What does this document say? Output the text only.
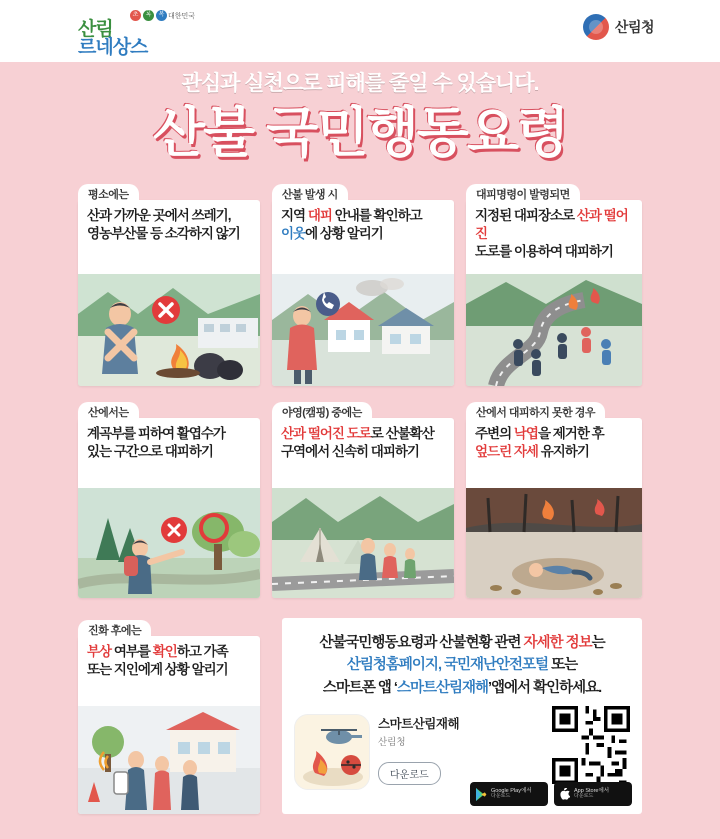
산림
르네상스
초	록	복 대한민국
산림청
관심과 실천으로 피해를 줄일 수 있습니다.
산불 국민행동요령
평소에는
산과 가까운 곳에서 쓰레기,
영농부산물 등 소각하지 않기
산불 발생 시
지역 대피 안내를 확인하고
이웃에 상황 알리기
대피명령이 발령되면
지정된 대피장소로 산과 떨어진
도로를 이용하여 대피하기
산에서는
계곡부를 피하여 활엽수가
있는 구간으로 대피하기
야영(캠핑) 중에는
산과 떨어진 도로로 산불확산
구역에서 신속히 대피하기
산에서 대피하지 못한 경우
주변의 낙엽을 제거한 후
엎드린 자세 유지하기
진화 후에는
부상 여부를 확인하고 가족
또는 지인에게 상황 알리기
산불국민행동요령과 산불현황 관련 자세한 정보는
산림청홈페이지, 국민재난안전포털 또는
스마트폰 앱 ‘스마트산림재해’앱에서 확인하세요.
스마트산림재해
산림청
다운로드
Google Play에서
다운로드
App Store에서
다운로드
